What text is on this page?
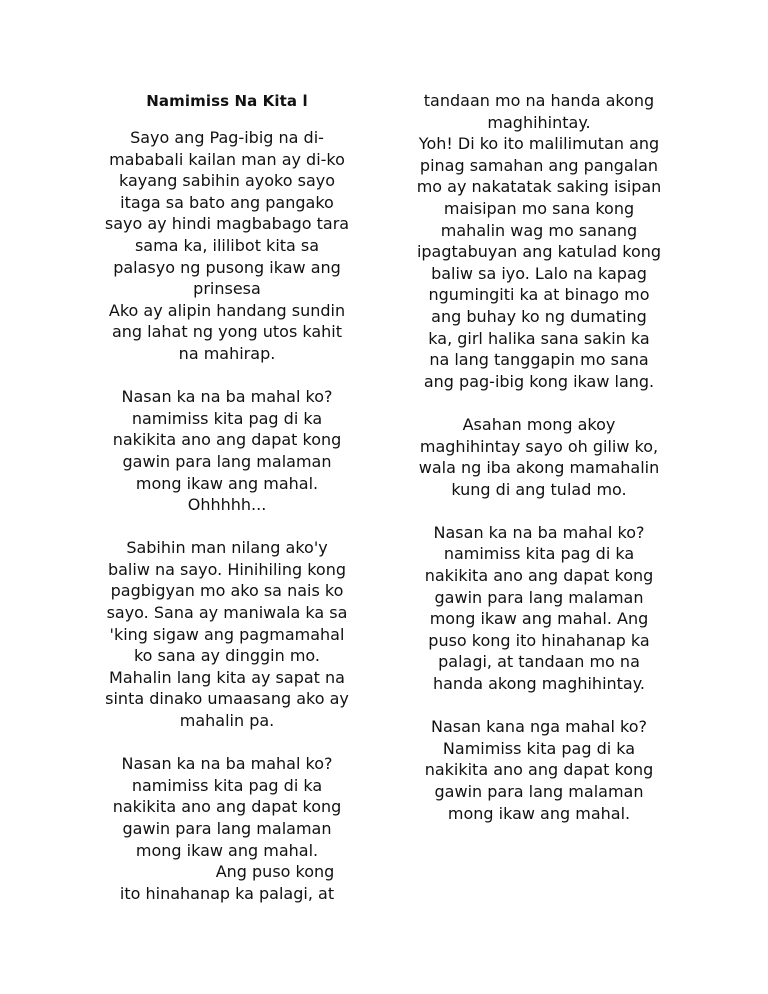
Namimiss Na Kita l
Sayo ang Pag-ibig na di-
mababali kailan man ay di-ko
kayang sabihin ayoko sayo
itaga sa bato ang pangako
sayo ay hindi magbabago tara
sama ka, ililibot kita sa
palasyo ng pusong ikaw ang
prinsesa
Ako ay alipin handang sundin
ang lahat ng yong utos kahit
na mahirap.
Nasan ka na ba mahal ko?
namimiss kita pag di ka
nakikita ano ang dapat kong
gawin para lang malaman
mong ikaw ang mahal.
Ohhhhh...
Sabihin man nilang ako'y
baliw na sayo. Hinihiling kong
pagbigyan mo ako sa nais ko
sayo. Sana ay maniwala ka sa
'king sigaw ang pagmamahal
ko sana ay dinggin mo.
Mahalin lang kita ay sapat na
sinta dinako umaasang ako ay
mahalin pa.
Nasan ka na ba mahal ko?
namimiss kita pag di ka
nakikita ano ang dapat kong
gawin para lang malaman
mong ikaw ang mahal.
Ang puso kong
ito hinahanap ka palagi, at
tandaan mo na handa akong
maghihintay.
Yoh! Di ko ito malilimutan ang
pinag samahan ang pangalan
mo ay nakatatak saking isipan
maisipan mo sana kong
mahalin wag mo sanang
ipagtabuyan ang katulad kong
baliw sa iyo. Lalo na kapag
ngumingiti ka at binago mo
ang buhay ko ng dumating
ka, girl halika sana sakin ka
na lang tanggapin mo sana
ang pag-ibig kong ikaw lang.
Asahan mong akoy
maghihintay sayo oh giliw ko,
wala ng iba akong mamahalin
kung di ang tulad mo.
Nasan ka na ba mahal ko?
namimiss kita pag di ka
nakikita ano ang dapat kong
gawin para lang malaman
mong ikaw ang mahal. Ang
puso kong ito hinahanap ka
palagi, at tandaan mo na
handa akong maghihintay.
Nasan kana nga mahal ko?
Namimiss kita pag di ka
nakikita ano ang dapat kong
gawin para lang malaman
mong ikaw ang mahal.
